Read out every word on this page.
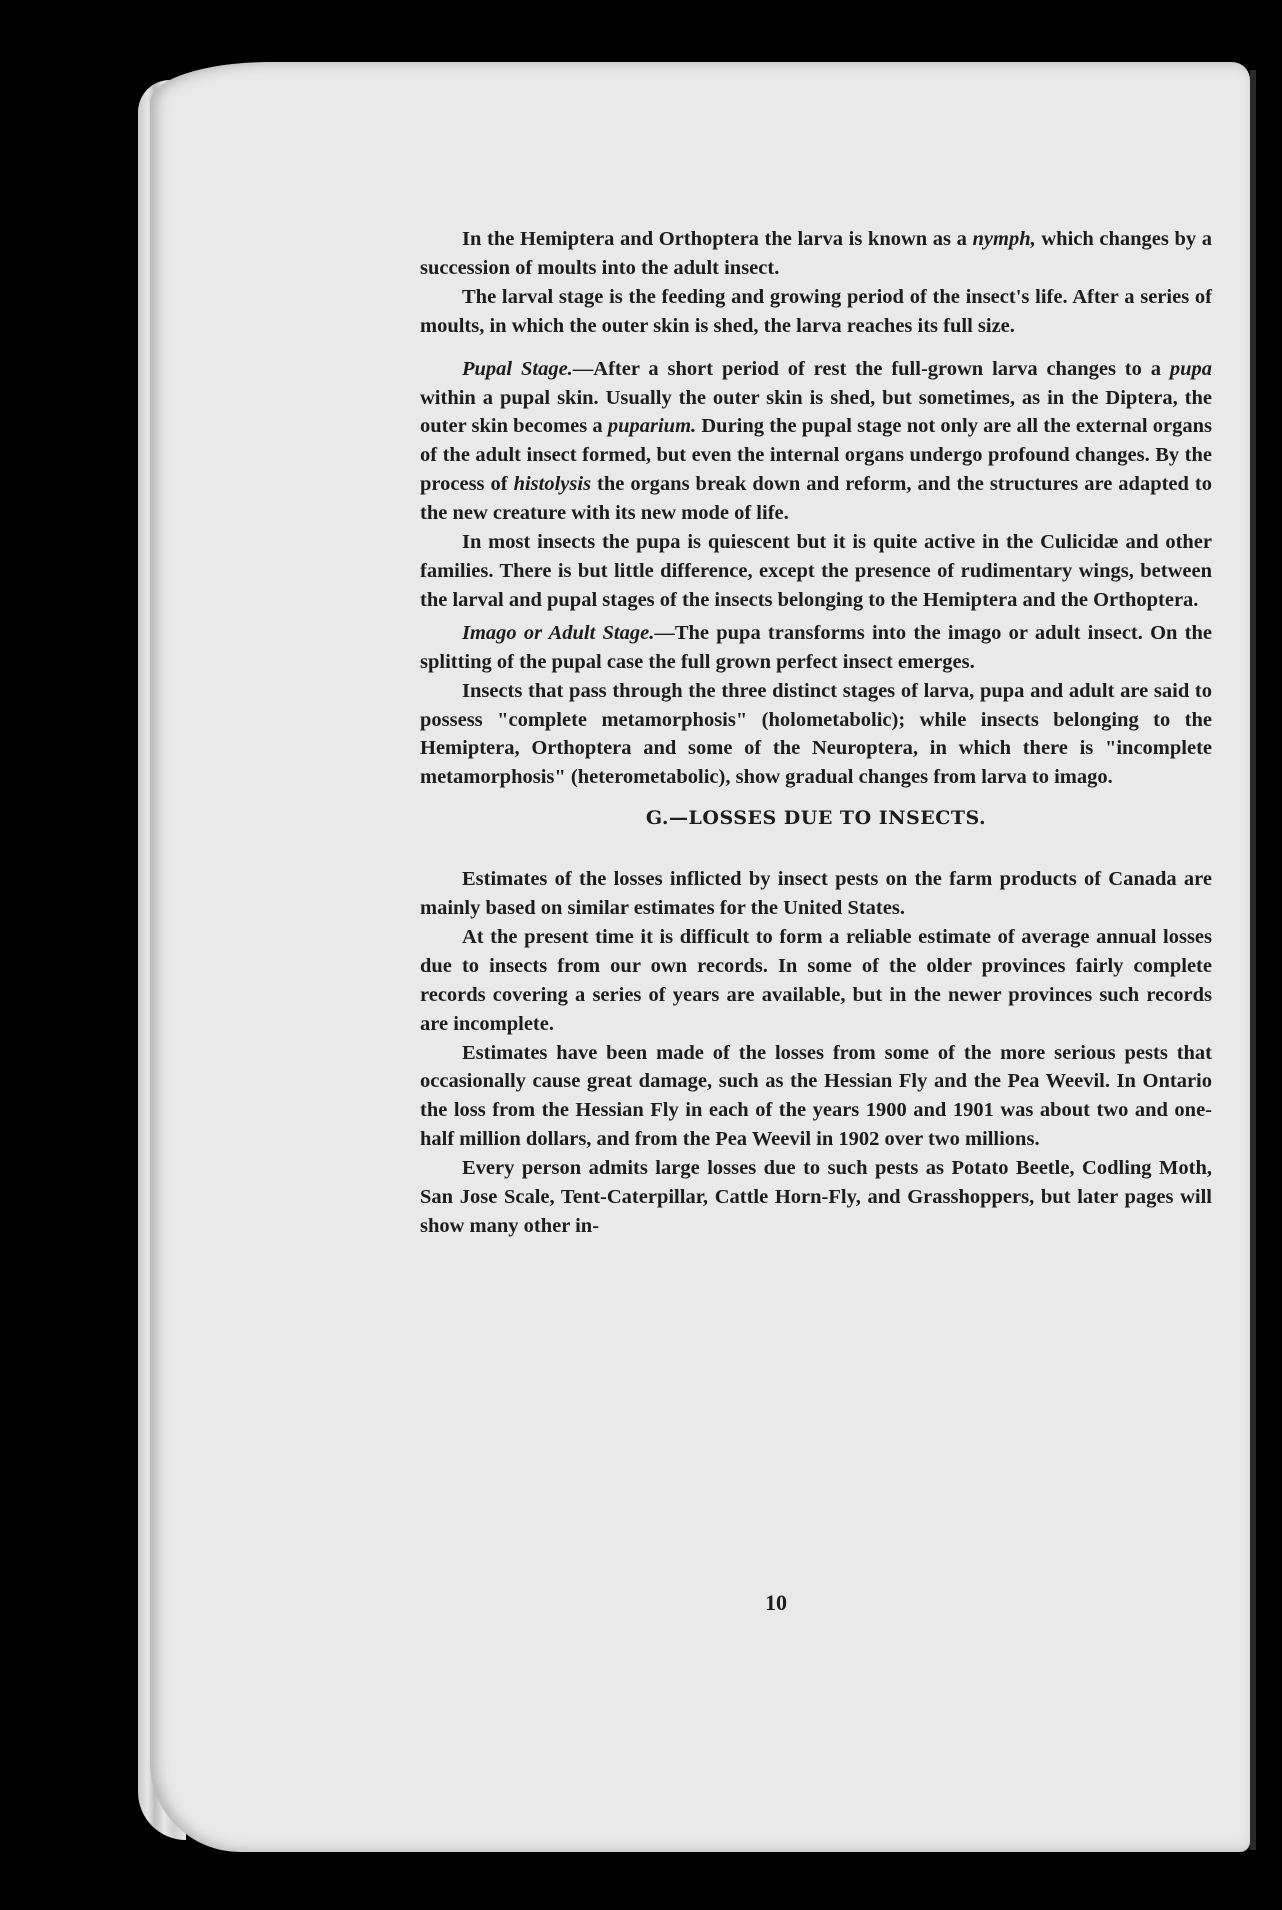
In the Hemiptera and Orthoptera the larva is known as a nymph, which changes by a succession of moults into the adult insect.

The larval stage is the feeding and growing period of the insect's life. After a series of moults, in which the outer skin is shed, the larva reaches its full size.

Pupal Stage.—After a short period of rest the full-grown larva changes to a pupa within a pupal skin. Usually the outer skin is shed, but sometimes, as in the Diptera, the outer skin becomes a puparium. During the pupal stage not only are all the external organs of the adult insect formed, but even the internal organs undergo profound changes. By the process of histolysis the organs break down and reform, and the structures are adapted to the new creature with its new mode of life.

In most insects the pupa is quiescent but it is quite active in the Culicidæ and other families. There is but little difference, except the presence of rudimentary wings, between the larval and pupal stages of the insects belonging to the Hemiptera and the Orthoptera.

Imago or Adult Stage.—The pupa transforms into the imago or adult insect. On the splitting of the pupal case the full grown perfect insect emerges.

Insects that pass through the three distinct stages of larva, pupa and adult are said to possess "complete metamorphosis" (holometabolic); while insects belonging to the Hemiptera, Orthoptera and some of the Neuroptera, in which there is "incomplete metamorphosis" (heterometabolic), show gradual changes from larva to imago.

G.—LOSSES DUE TO INSECTS.

Estimates of the losses inflicted by insect pests on the farm products of Canada are mainly based on similar estimates for the United States.

At the present time it is difficult to form a reliable estimate of average annual losses due to insects from our own records. In some of the older provinces fairly complete records covering a series of years are available, but in the newer provinces such records are incomplete.

Estimates have been made of the losses from some of the more serious pests that occasionally cause great damage, such as the Hessian Fly and the Pea Weevil. In Ontario the loss from the Hessian Fly in each of the years 1900 and 1901 was about two and one-half million dollars, and from the Pea Weevil in 1902 over two millions.

Every person admits large losses due to such pests as Potato Beetle, Codling Moth, San Jose Scale, Tent-Caterpillar, Cattle Horn-Fly, and Grasshoppers, but later pages will show many other in-

10
